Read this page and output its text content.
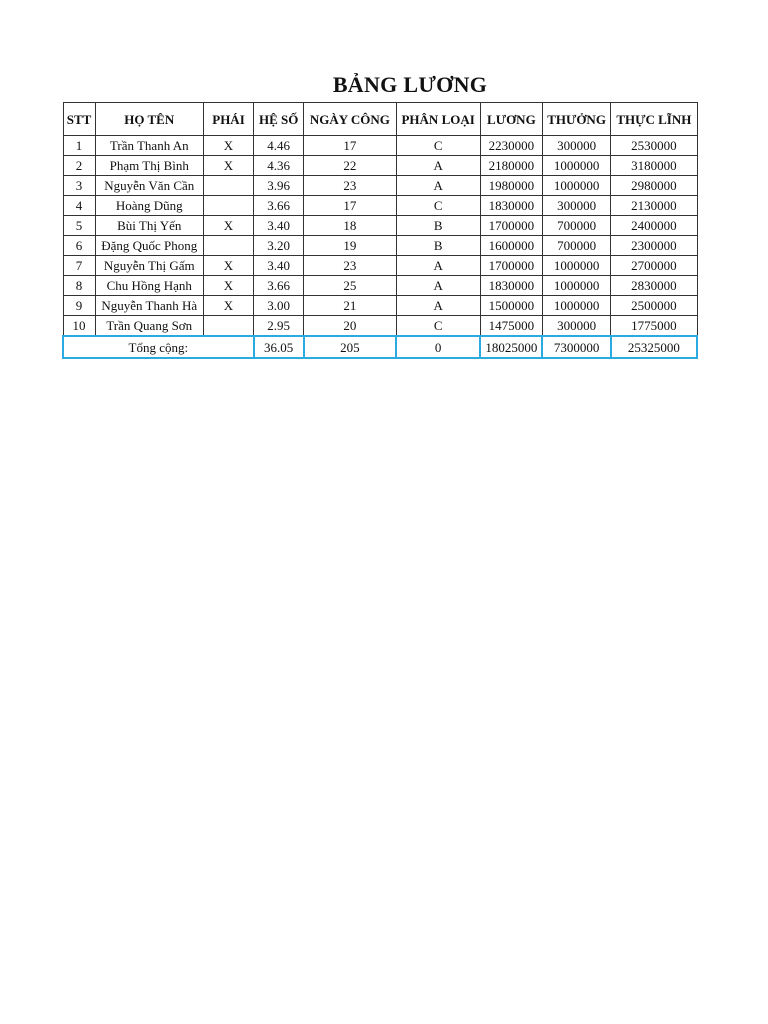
BẢNG LƯƠNG
STT	HỌ TÊN	PHÁI	HỆ SỐ	NGÀY CÔNG	PHÂN LOẠI	LƯƠNG	THƯỞNG	THỰC LĨNH
1	Trần Thanh An	X	4.46	17	C	2230000	300000	2530000
2	Phạm Thị Bình	X	4.36	22	A	2180000	1000000	3180000
3	Nguyễn Văn Cần		3.96	23	A	1980000	1000000	2980000
4	Hoàng Dũng		3.66	17	C	1830000	300000	2130000
5	Bùi Thị Yến	X	3.40	18	B	1700000	700000	2400000
6	Đặng Quốc Phong		3.20	19	B	1600000	700000	2300000
7	Nguyễn Thị Gấm	X	3.40	23	A	1700000	1000000	2700000
8	Chu Hồng Hạnh	X	3.66	25	A	1830000	1000000	2830000
9	Nguyễn Thanh Hà	X	3.00	21	A	1500000	1000000	2500000
10	Trần Quang Sơn		2.95	20	C	1475000	300000	1775000
Tổng cộng:			36.05	205	0	18025000	7300000	25325000
